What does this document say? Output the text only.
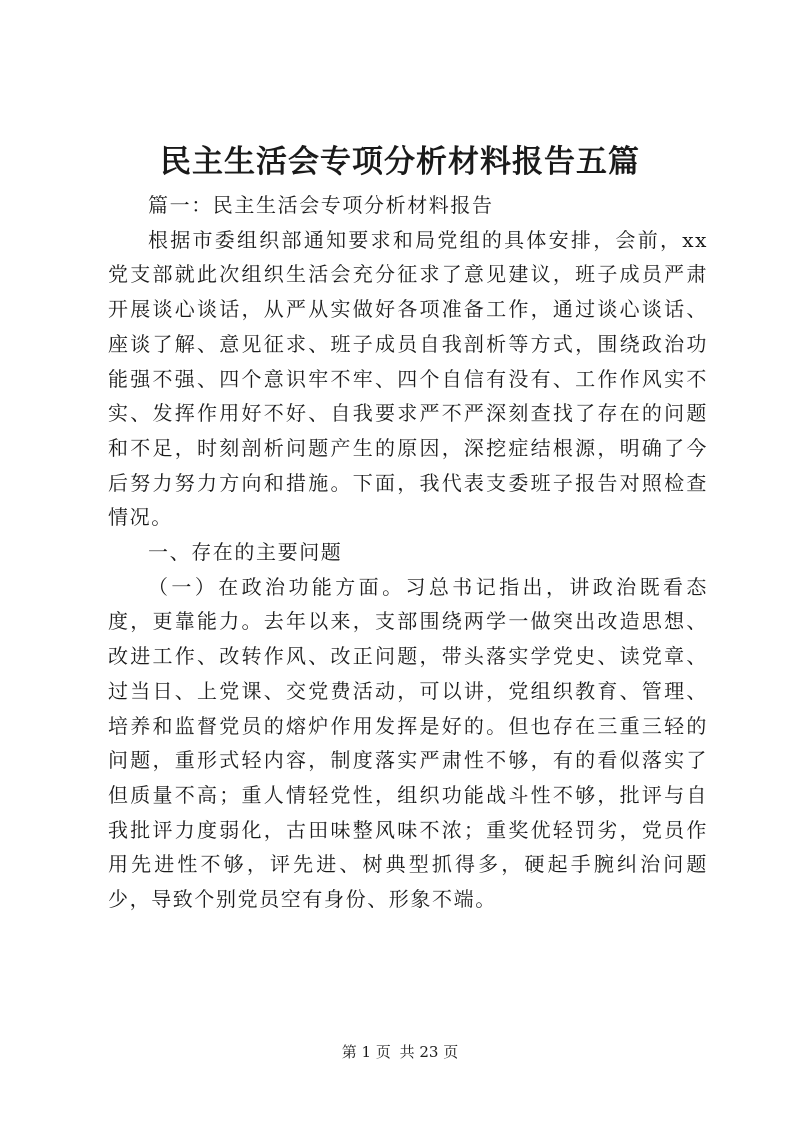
民主生活会专项分析材料报告五篇

篇一：民主生活会专项分析材料报告

根据市委组织部通知要求和局党组的具体安排，会前，xx党支部就此次组织生活会充分征求了意见建议，班子成员严肃开展谈心谈话，从严从实做好各项准备工作，通过谈心谈话、座谈了解、意见征求、班子成员自我剖析等方式，围绕政治功能强不强、四个意识牢不牢、四个自信有没有、工作作风实不实、发挥作用好不好、自我要求严不严深刻查找了存在的问题和不足，时刻剖析问题产生的原因，深挖症结根源，明确了今后努力努力方向和措施。下面，我代表支委班子报告对照检查情况。

一、存在的主要问题

（一）在政治功能方面。习总书记指出，讲政治既看态度，更靠能力。去年以来，支部围绕两学一做突出改造思想、改进工作、改转作风、改正问题，带头落实学党史、读党章、过当日、上党课、交党费活动，可以讲，党组织教育、管理、培养和监督党员的熔炉作用发挥是好的。但也存在三重三轻的问题，重形式轻内容，制度落实严肃性不够，有的看似落实了但质量不高；重人情轻党性，组织功能战斗性不够，批评与自我批评力度弱化，古田味整风味不浓；重奖优轻罚劣，党员作用先进性不够，评先进、树典型抓得多，硬起手腕纠治问题少，导致个别党员空有身份、形象不端。

第 1 页 共 23 页
